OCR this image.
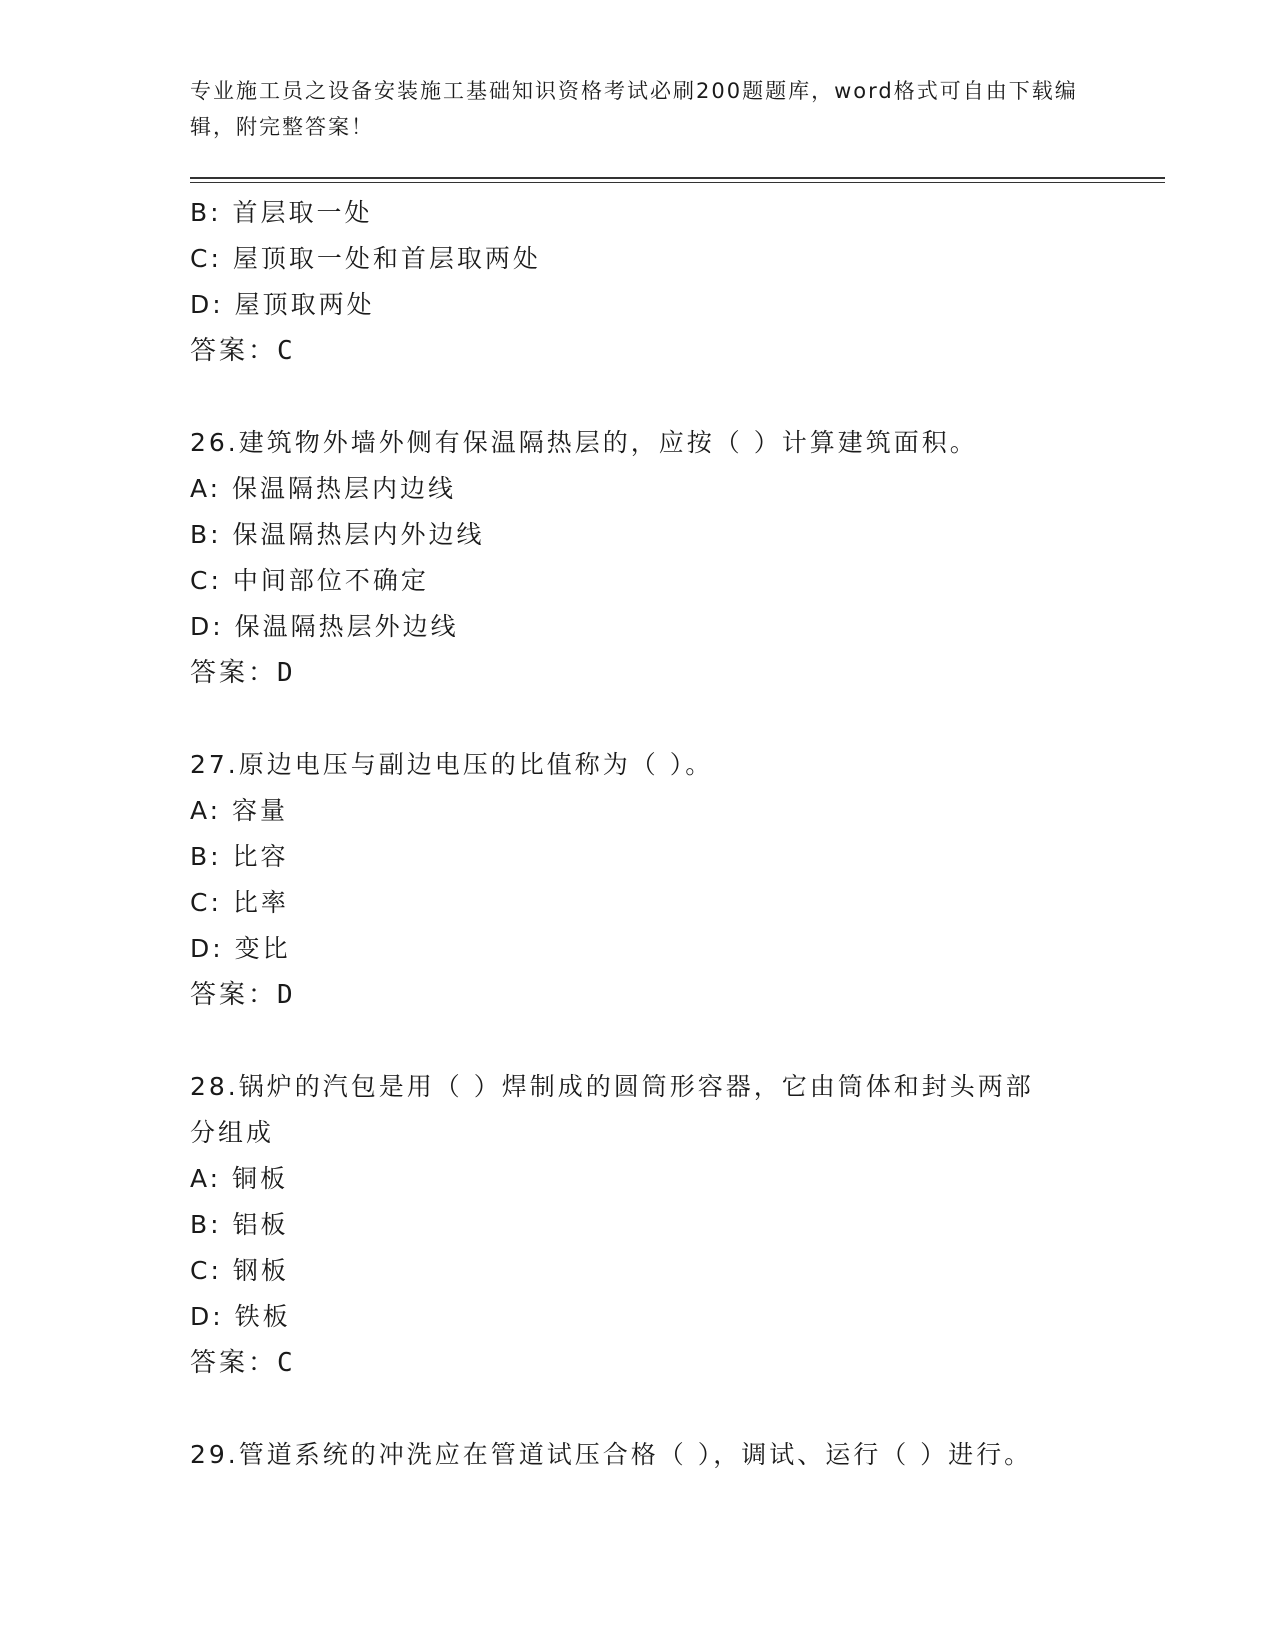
专业施工员之设备安装施工基础知识资格考试必刷200题题库，word格式可自由下载编辑，附完整答案！
B: 首层取一处
C: 屋顶取一处和首层取两处
D: 屋顶取两处
答案：C
26.建筑物外墙外侧有保温隔热层的，应按（ ）计算建筑面积。
A: 保温隔热层内边线
B: 保温隔热层内外边线
C: 中间部位不确定
D: 保温隔热层外边线
答案：D
27.原边电压与副边电压的比值称为（ ）。
A: 容量
B: 比容
C: 比率
D: 变比
答案：D
28.锅炉的汽包是用（ ）焊制成的圆筒形容器，它由筒体和封头两部分组成
A: 铜板
B: 铝板
C: 钢板
D: 铁板
答案：C
29.管道系统的冲洗应在管道试压合格（ ），调试、运行（ ）进行。
